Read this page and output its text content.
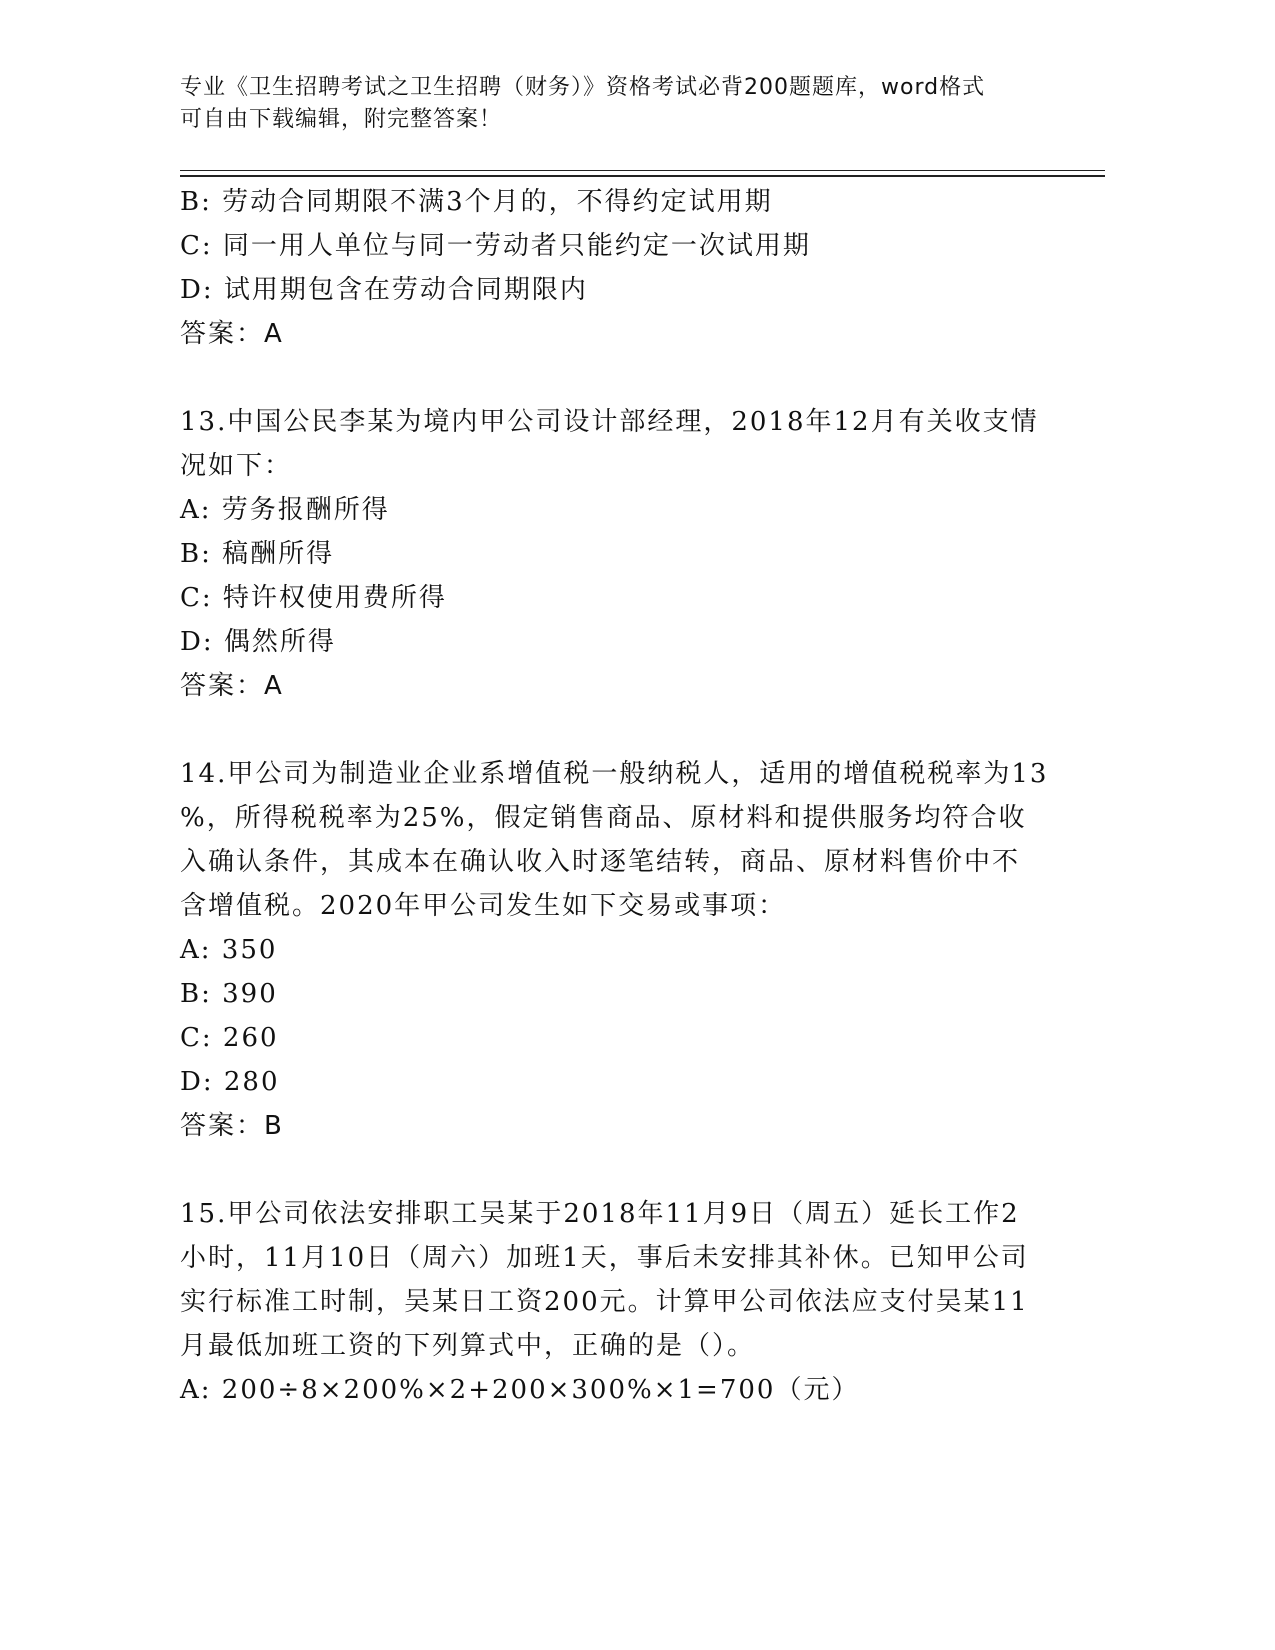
专业《卫生招聘考试之卫生招聘（财务）》资格考试必背200题题库，word格式
可自由下载编辑，附完整答案！
B: 劳动合同期限不满3个月的，不得约定试用期
C: 同一用人单位与同一劳动者只能约定一次试用期
D: 试用期包含在劳动合同期限内
答案：A
13.中国公民李某为境内甲公司设计部经理，2018年12月有关收支情
况如下：
A: 劳务报酬所得
B: 稿酬所得
C: 特许权使用费所得
D: 偶然所得
答案：A
14.甲公司为制造业企业系增值税一般纳税人，适用的增值税税率为13
%，所得税税率为25%，假定销售商品、原材料和提供服务均符合收
入确认条件，其成本在确认收入时逐笔结转，商品、原材料售价中不
含增值税。2020年甲公司发生如下交易或事项：
A: 350
B: 390
C: 260
D: 280
答案：B
15.甲公司依法安排职工吴某于2018年11月9日（周五）延长工作2
小时，11月10日（周六）加班1天，事后未安排其补休。已知甲公司
实行标准工时制，吴某日工资200元。计算甲公司依法应支付吴某11
月最低加班工资的下列算式中，正确的是（）。
A: 200÷8×200%×2+200×300%×1=700（元）
